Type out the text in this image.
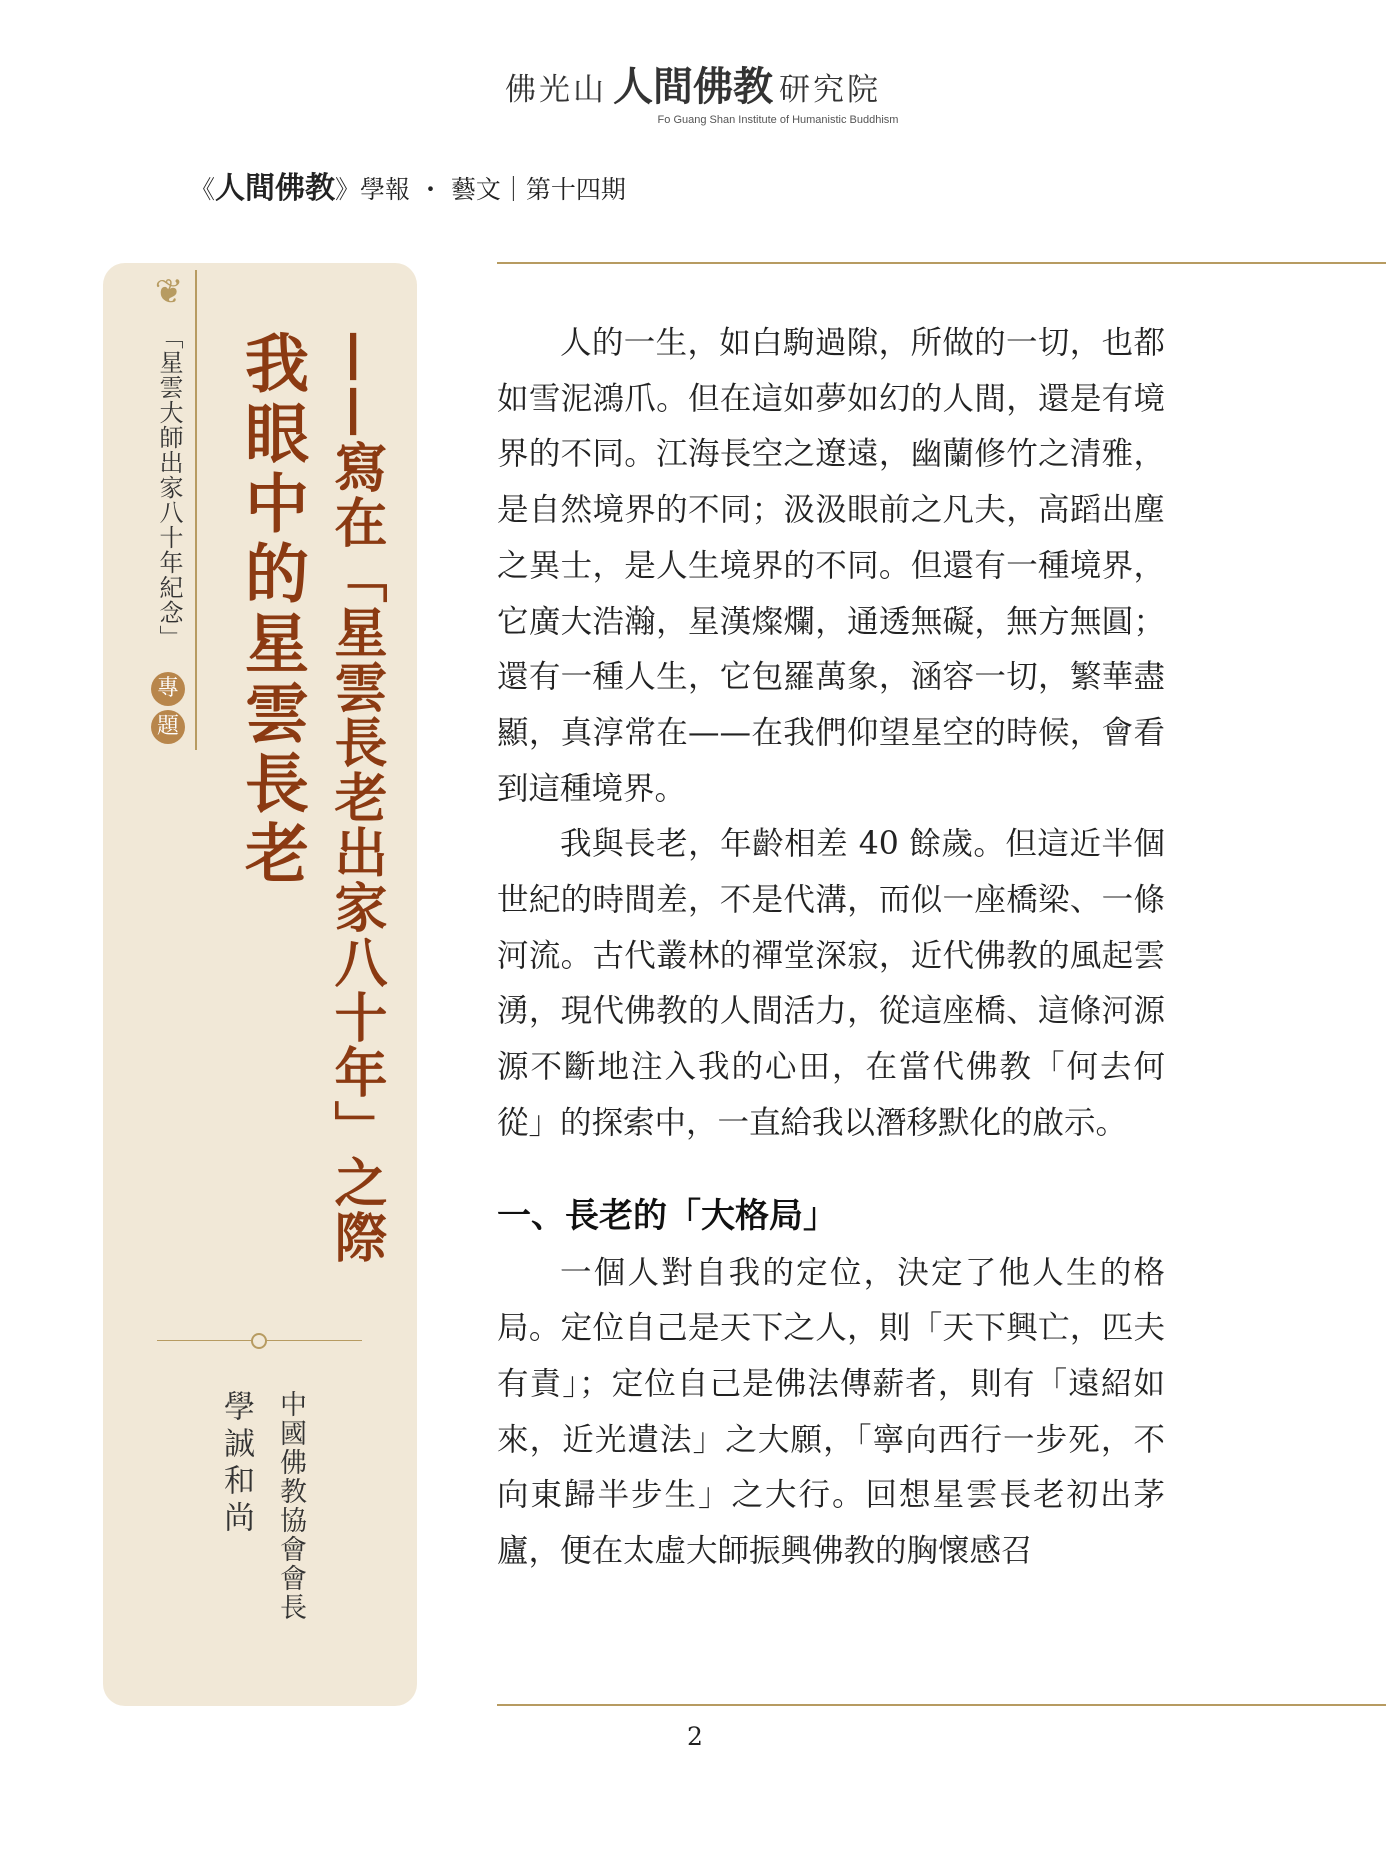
佛光山 人間佛教 研究院
Fo Guang Shan Institute of Humanistic Buddhism
《人間佛教》學報 ・ 藝文｜第十四期
❦
「星雲大師出家八十年紀念」
專
題	——寫在「星雲長老出家八十年」之際
我眼中的星雲長老
中國佛教協會會長
學誠和尚

人的一生，如白駒過隙，所做的一切，也都如雪泥鴻爪。但在這如夢如幻的人間，還是有境界的不同。江海長空之遼遠，幽蘭修竹之清雅，是自然境界的不同；汲汲眼前之凡夫，高蹈出塵之異士，是人生境界的不同。但還有一種境界，它廣大浩瀚，星漢燦爛，通透無礙，無方無圓；還有一種人生，它包羅萬象，涵容一切，繁華盡顯，真淳常在——在我們仰望星空的時候，會看到這種境界。

我與長老，年齡相差 40 餘歲。但這近半個世紀的時間差，不是代溝，而似一座橋梁、一條河流。古代叢林的禪堂深寂，近代佛教的風起雲湧，現代佛教的人間活力，從這座橋、這條河源源不斷地注入我的心田，在當代佛教「何去何從」的探索中，一直給我以潛移默化的啟示。

一、長老的「大格局」

一個人對自我的定位，決定了他人生的格局。定位自己是天下之人，則「天下興亡，匹夫有責」；定位自己是佛法傳薪者，則有「遠紹如來，近光遺法」之大願，「寧向西行一步死，不向東歸半步生」之大行。回想星雲長老初出茅廬，便在太虛大師振興佛教的胸懷感召

2
